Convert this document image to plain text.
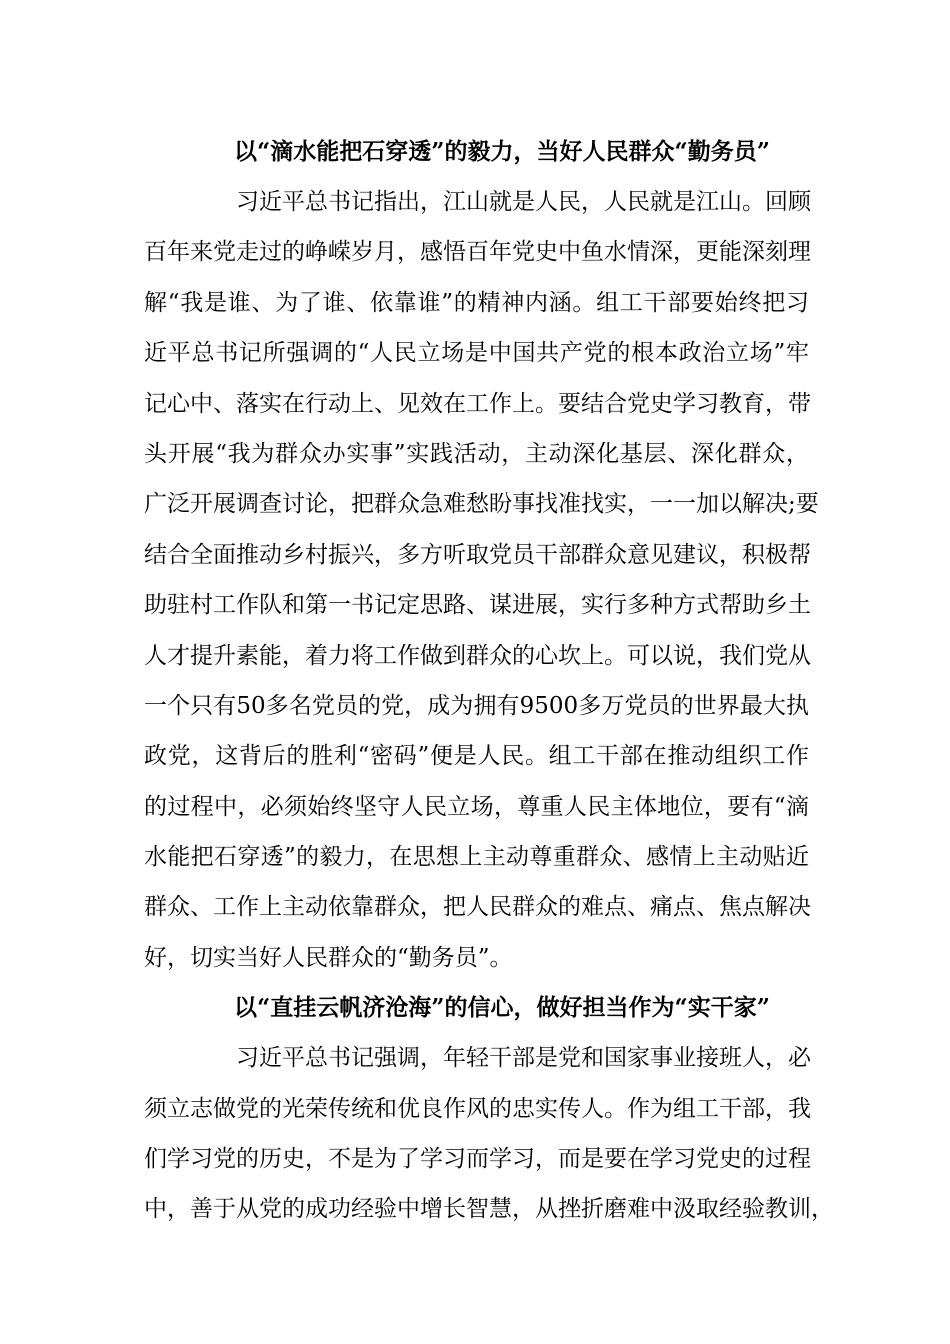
以“滴水能把石穿透”的毅力，当好人民群众“勤务员”
习近平总书记指出，江山就是人民，人民就是江山。回顾
百年来党走过的峥嵘岁月，感悟百年党史中鱼水情深，更能深刻理
解“我是谁、为了谁、依靠谁”的精神内涵。组工干部要始终把习
近平总书记所强调的“人民立场是中国共产党的根本政治立场”牢
记心中、落实在行动上、见效在工作上。要结合党史学习教育，带
头开展“我为群众办实事”实践活动，主动深化基层、深化群众，
广泛开展调查讨论，把群众急难愁盼事找准找实，一一加以解决;要
结合全面推动乡村振兴，多方听取党员干部群众意见建议，积极帮
助驻村工作队和第一书记定思路、谋进展，实行多种方式帮助乡土
人才提升素能，着力将工作做到群众的心坎上。可以说，我们党从
一个只有50多名党员的党，成为拥有9500多万党员的世界最大执
政党，这背后的胜利“密码”便是人民。组工干部在推动组织工作
的过程中，必须始终坚守人民立场，尊重人民主体地位，要有“滴
水能把石穿透”的毅力，在思想上主动尊重群众、感情上主动贴近
群众、工作上主动依靠群众，把人民群众的难点、痛点、焦点解决
好，切实当好人民群众的“勤务员”。
以“直挂云帆济沧海”的信心，做好担当作为“实干家”
习近平总书记强调，年轻干部是党和国家事业接班人，必
须立志做党的光荣传统和优良作风的忠实传人。作为组工干部，我
们学习党的历史，不是为了学习而学习，而是要在学习党史的过程
中，善于从党的成功经验中增长智慧，从挫折磨难中汲取经验教训，
